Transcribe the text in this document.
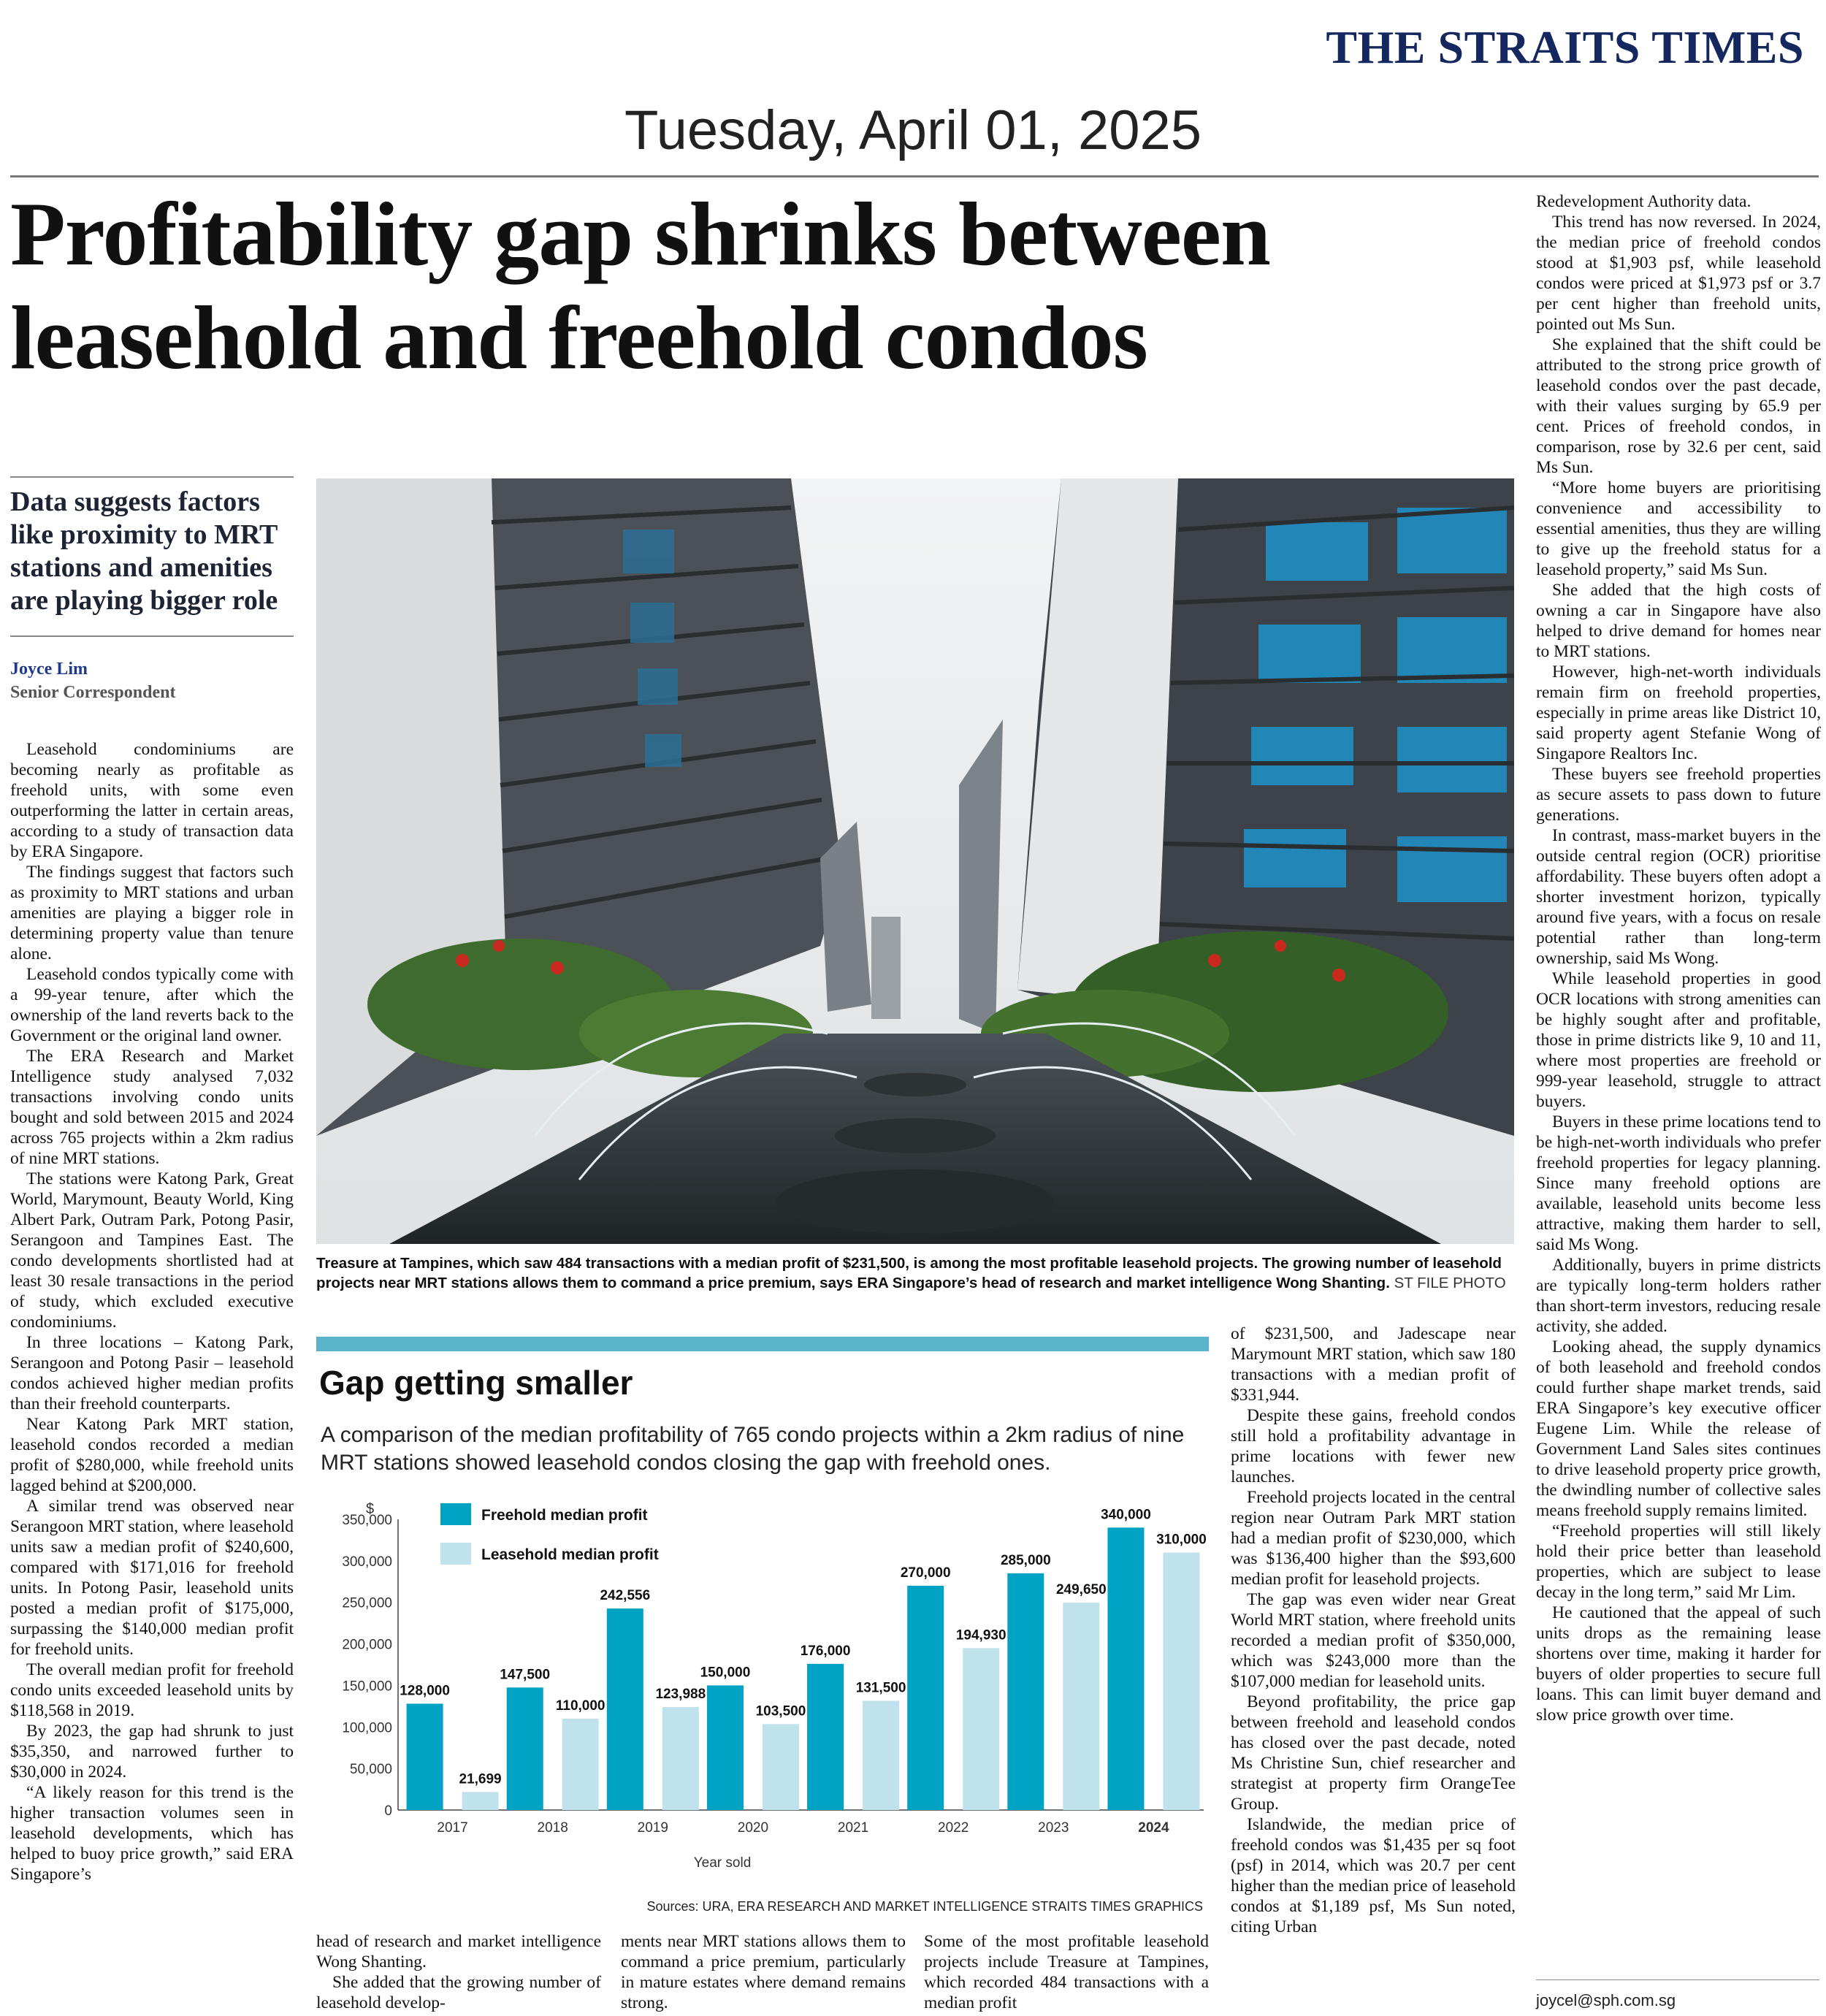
THE STRAITS TIMES
Tuesday, April 01, 2025
Profitability gap shrinks between leasehold and freehold condos
Data suggests factors like proximity to MRT stations and amenities are playing bigger role
Joyce Lim
Senior Correspondent

Leasehold condominiums are becoming nearly as profitable as freehold units, with some even outperforming the latter in certain areas, according to a study of transaction data by ERA Singapore.

The findings suggest that factors such as proximity to MRT stations and urban amenities are playing a bigger role in determining property value than tenure alone.

Leasehold condos typically come with a 99-year tenure, after which the ownership of the land reverts back to the Government or the original land owner.

The ERA Research and Market Intelligence study analysed 7,032 transactions involving condo units bought and sold between 2015 and 2024 across 765 projects within a 2km radius of nine MRT stations.

The stations were Katong Park, Great World, Marymount, Beauty World, King Albert Park, Outram Park, Potong Pasir, Serangoon and Tampines East. The condo developments shortlisted had at least 30 resale transactions in the period of study, which excluded executive condominiums.

In three locations – Katong Park, Serangoon and Potong Pasir – leasehold condos achieved higher median profits than their freehold counterparts.

Near Katong Park MRT station, leasehold condos recorded a median profit of $280,000, while freehold units lagged behind at $200,000.

A similar trend was observed near Serangoon MRT station, where leasehold units saw a median profit of $240,600, compared with $171,016 for freehold units. In Potong Pasir, leasehold units posted a median profit of $175,000, surpassing the $140,000 median profit for freehold units.

The overall median profit for freehold condo units exceeded leasehold units by $118,568 in 2019.

By 2023, the gap had shrunk to just $35,350, and narrowed further to $30,000 in 2024.

“A likely reason for this trend is the higher transaction volumes seen in leasehold developments, which has helped to buoy price growth,” said ERA Singapore’s

head of research and market intelligence Wong Shanting.

She added that the growing number of leasehold develop-

ments near MRT stations allows them to command a price premium, particularly in mature estates where demand remains strong.

Some of the most profitable leasehold projects include Treasure at Tampines, which recorded 484 transactions with a median profit

of $231,500, and Jadescape near Marymount MRT station, which saw 180 transactions with a median profit of $331,944.

Despite these gains, freehold condos still hold a profitability advantage in prime locations with fewer new launches.

Freehold projects located in the central region near Outram Park MRT station had a median profit of $230,000, which was $136,400 higher than the $93,600 median profit for leasehold projects.

The gap was even wider near Great World MRT station, where freehold units recorded a median profit of $350,000, which was $243,000 more than the $107,000 median for leasehold units.

Beyond profitability, the price gap between freehold and leasehold condos has closed over the past decade, noted Ms Christine Sun, chief researcher and strategist at property firm OrangeTee Group.

Islandwide, the median price of freehold condos was $1,435 per sq foot (psf) in 2014, which was 20.7 per cent higher than the median price of leasehold condos at $1,189 psf, Ms Sun noted, citing Urban

Redevelopment Authority data.

This trend has now reversed. In 2024, the median price of freehold condos stood at $1,903 psf, while leasehold condos were priced at $1,973 psf or 3.7 per cent higher than freehold units, pointed out Ms Sun.

She explained that the shift could be attributed to the strong price growth of leasehold condos over the past decade, with their values surging by 65.9 per cent. Prices of freehold condos, in comparison, rose by 32.6 per cent, said Ms Sun.

“More home buyers are prioritising convenience and accessibility to essential amenities, thus they are willing to give up the freehold status for a leasehold property,” said Ms Sun.

She added that the high costs of owning a car in Singapore have also helped to drive demand for homes near to MRT stations.

However, high-net-worth individuals remain firm on freehold properties, especially in prime areas like District 10, said property agent Stefanie Wong of Singapore Realtors Inc.

These buyers see freehold properties as secure assets to pass down to future generations.

In contrast, mass-market buyers in the outside central region (OCR) prioritise affordability. These buyers often adopt a shorter investment horizon, typically around five years, with a focus on resale potential rather than long-term ownership, said Ms Wong.

While leasehold properties in good OCR locations with strong amenities can be highly sought after and profitable, those in prime districts like 9, 10 and 11, where most properties are freehold or 999-year leasehold, struggle to attract buyers.

Buyers in these prime locations tend to be high-net-worth individuals who prefer freehold properties for legacy planning. Since many freehold options are available, leasehold units become less attractive, making them harder to sell, said Ms Wong.

Additionally, buyers in prime districts are typically long-term holders rather than short-term investors, reducing resale activity, she added.

Looking ahead, the supply dynamics of both leasehold and freehold condos could further shape market trends, said ERA Singapore’s key executive officer Eugene Lim. While the release of Government Land Sales sites continues to drive leasehold property price growth, the dwindling number of collective sales means freehold supply remains limited.

“Freehold properties will still likely hold their price better than leasehold properties, which are subject to lease decay in the long term,” said Mr Lim.

He cautioned that the appeal of such units drops as the remaining lease shortens over time, making it harder for buyers of older properties to secure full loans. This can limit buyer demand and slow price growth over time.

joycel@sph.com.sg
Treasure at Tampines, which saw 484 transactions with a median profit of $231,500, is among the most profitable leasehold projects. The growing number of leasehold projects near MRT stations allows them to command a price premium, says ERA Singapore’s head of research and market intelligence Wong Shanting. ST FILE PHOTO
Gap getting smaller
A comparison of the median profitability of 765 condo projects within a 2km radius of nine MRT stations showed leasehold condos closing the gap with freehold ones.
$
0
50,000
100,000
150,000
200,000
250,000
300,000
350,000	Freehold median profit
Leasehold median profit
128,000
21,699
2017
147,500
110,000
2018
242,556
123,988
2019
150,000
103,500
2020
176,000
131,500
2021
270,000
194,930
2022
285,000
249,650
2023
340,000
310,000
2024
Year sold
Sources: URA, ERA RESEARCH AND MARKET INTELLIGENCE STRAITS TIMES GRAPHICS
